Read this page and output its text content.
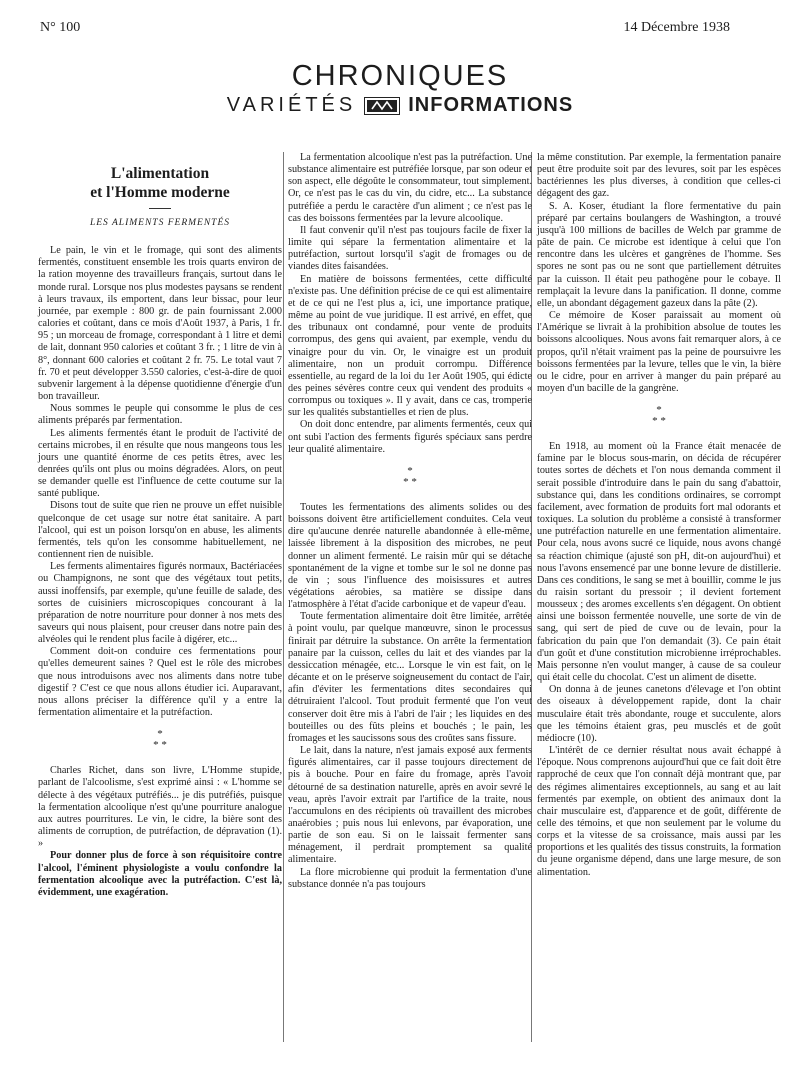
N° 100	14 Décembre 1938
CHRONIQUES
VARIÉTÉS	INFORMATIONS
L'alimentation
et l'Homme moderne
LES ALIMENTS FERMENTÉS

Le pain, le vin et le fromage, qui sont des aliments fermentés, constituent ensemble les trois quarts environ de la ration moyenne des travailleurs français, surtout dans le monde rural. Lorsque nos plus modestes paysans se rendent à leurs travaux, ils emportent, dans leur bissac, pour leur journée, par exemple : 800 gr. de pain fournissant 2.000 calories et coûtant, dans ce mois d'Août 1937, à Paris, 1 fr. 95 ; un morceau de fromage, correspondant à 1 litre et demi de lait, donnant 950 calories et coûtant 3 fr. ; 1 litre de vin à 8°, donnant 600 calories et coûtant 2 fr. 75. Le total vaut 7 fr. 70 et peut développer 3.550 calories, c'est-à-dire de quoi subvenir largement à la dépense quotidienne d'énergie d'un bon travailleur.

Nous sommes le peuple qui consomme le plus de ces aliments préparés par fermentation.

Les aliments fermentés étant le produit de l'activité de certains microbes, il en résulte que nous mangeons tous les jours une quantité énorme de ces petits êtres, avec les denrées qu'ils ont plus ou moins dégradées. Alors, on peut se demander quelle est l'influence de cette coutume sur la santé publique.

Disons tout de suite que rien ne prouve un effet nuisible quelconque de cet usage sur notre état sanitaire. A part l'alcool, qui est un poison lorsqu'on en abuse, les aliments fermentés, tels qu'on les consomme habituellement, ne contiennent rien de nuisible.

Les ferments alimentaires figurés normaux, Bactériacées ou Champignons, ne sont que des végétaux tout petits, aussi inoffensifs, par exemple, qu'une feuille de salade, des sortes de cuisiniers microscopiques concourant à la préparation de notre nourriture pour donner à nos mets des saveurs qui nous plaisent, pour creuser dans notre pain des alvéoles qui le rendent plus facile à digérer, etc...

Comment doit-on conduire ces fermentations pour qu'elles demeurent saines ? Quel est le rôle des microbes que nous introduisons avec nos aliments dans notre tube digestif ? C'est ce que nous allons étudier ici. Auparavant, nous allons préciser la différence qu'il y a entre la fermentation alimentaire et la putréfaction.

*
* *

Charles Richet, dans son livre, L'Homme stupide, parlant de l'alcoolisme, s'est exprimé ainsi : « L'homme se délecte à des végétaux putréfiés... je dis putréfiés, puisque la fermentation alcoolique n'est qu'une pourriture analogue aux autres pourritures. Le vin, le cidre, la bière sont des aliments de corruption, de putréfaction, de dépravation (1). »

Pour donner plus de force à son réquisitoire contre l'alcool, l'éminent physiologiste a voulu confondre la fermentation alcoolique avec la putréfaction. C'est là, évidemment, une exagération.

La fermentation alcoolique n'est pas la putréfaction. Une substance alimentaire est putréfiée lorsque, par son odeur et son aspect, elle dégoûte le consommateur, tout simplement. Or, ce n'est pas le cas du vin, du cidre, etc... La substance putréfiée a perdu le caractère d'un aliment ; ce n'est pas le cas des boissons fermentées par la levure alcoolique.

Il faut convenir qu'il n'est pas toujours facile de fixer la limite qui sépare la fermentation alimentaire et la putréfaction, surtout lorsqu'il s'agit de fromages ou de viandes dites faisandées.

En matière de boissons fermentées, cette difficulté n'existe pas. Une définition précise de ce qui est alimentaire et de ce qui ne l'est plus a, ici, une importance pratique, même au point de vue juridique. Il est arrivé, en effet, que des tribunaux ont condamné, pour vente de produits corrompus, des gens qui avaient, par exemple, vendu du vinaigre pour du vin. Or, le vinaigre est un produit alimentaire, non un produit corrompu. Différence essentielle, au regard de la loi du 1er Août 1905, qui édicte des peines sévères contre ceux qui vendent des produits « corrompus ou toxiques ». Il y avait, dans ce cas, tromperie sur les qualités substantielles et rien de plus.

On doit donc entendre, par aliments fermentés, ceux qui ont subi l'action des ferments figurés spéciaux sans perdre leur qualité alimentaire.

*
* *

Toutes les fermentations des aliments solides ou des boissons doivent être artificiellement conduites. Cela veut dire qu'aucune denrée naturelle abandonnée à elle-même, laissée librement à la disposition des microbes, ne peut donner un aliment fermenté. Le raisin mûr qui se détache spontanément de la vigne et tombe sur le sol ne donne pas de vin ; sous l'influence des moisissures et autres végétations aérobies, sa matière se dissipe dans l'atmosphère à l'état d'acide carbonique et de vapeur d'eau.

Toute fermentation alimentaire doit être limitée, arrêtée à point voulu, par quelque manœuvre, sinon le processus finirait par détruire la substance. On arrête la fermentation panaire par la cuisson, celles du lait et des viandes par la dessiccation ménagée, etc... Lorsque le vin est fait, on le décante et on le préserve soigneusement du contact de l'air, afin d'éviter les fermentations dites secondaires qui détruiraient l'alcool. Tout produit fermenté que l'on veut conserver doit être mis à l'abri de l'air ; les liquides en des bouteilles ou des fûts pleins et bouchés ; le pain, les fromages et les saucissons sous des croûtes sans fissure.

Le lait, dans la nature, n'est jamais exposé aux ferments figurés alimentaires, car il passe toujours directement de pis à bouche. Pour en faire du fromage, après l'avoir détourné de sa destination naturelle, après en avoir sevré le veau, après l'avoir extrait par l'artifice de la traite, nous l'accumulons en des récipients où travaillent des microbes anaérobies ; puis nous lui enlevons, par évaporation, une partie de son eau. Si on le laissait fermenter sans ménagement, il perdrait promptement sa qualité alimentaire.

La flore microbienne qui produit la fermentation d'une substance donnée n'a pas toujours

la même constitution. Par exemple, la fermentation panaire peut être produite soit par des levures, soit par les espèces bactériennes les plus diverses, à condition que celles-ci dégagent des gaz.

S. A. Koser, étudiant la flore fermentative du pain préparé par certains boulangers de Washington, a trouvé jusqu'à 100 millions de bacilles de Welch par gramme de pâte de pain. Ce microbe est identique à celui que l'on rencontre dans les ulcères et gangrènes de l'homme. Ses spores ne sont pas ou ne sont que partiellement détruites par la cuisson. Il était peu pathogène pour le cobaye. Il remplaçait la levure dans la panification. Il donne, comme elle, un abondant dégagement gazeux dans la pâte (2).

Ce mémoire de Koser paraissait au moment où l'Amérique se livrait à la prohibition absolue de toutes les boissons alcooliques. Nous avons fait remarquer alors, à ce propos, qu'il n'était vraiment pas la peine de poursuivre les boissons fermentées par la levure, telles que le vin, la bière ou le cidre, pour en arriver à manger du pain préparé au moyen d'un bacille de la gangrène.

*
* *

En 1918, au moment où la France était menacée de famine par le blocus sous-marin, on décida de récupérer toutes sortes de déchets et l'on nous demanda comment il serait possible d'introduire dans le pain du sang d'abattoir, substance qui, dans les conditions ordinaires, se corrompt facilement, avec formation de produits fort mal odorants et toxiques. La solution du problème a consisté à transformer une putréfaction naturelle en une fermentation alimentaire. Pour cela, nous avons sucré ce liquide, nous avons changé sa réaction chimique (ajusté son pH, dit-on aujourd'hui) et nous l'avons ensemencé par une bonne levure de distillerie. Dans ces conditions, le sang se met à bouillir, comme le jus du raisin sortant du pressoir ; il devient fortement mousseux ; des aromes excellents s'en dégagent. On obtient ainsi une boisson fermentée nouvelle, une sorte de vin de sang, qui sert de pied de cuve ou de levain, pour la fabrication du pain que l'on demandait (3). Ce pain était d'un goût et d'une constitution microbienne irréprochables. Mais personne n'en voulut manger, à cause de sa couleur qui était celle du chocolat. C'est un aliment de disette.

On donna à de jeunes canetons d'élevage et l'on obtint des oiseaux à développement rapide, dont la chair musculaire était très abondante, rouge et succulente, alors que les témoins étaient gras, peu musclés et de goût médiocre (10).

L'intérêt de ce dernier résultat nous avait échappé à l'époque. Nous comprenons aujourd'hui que ce fait doit être rapproché de ceux que l'on connaît déjà montrant que, par des régimes alimentaires exceptionnels, au sang et au lait fermentés par exemple, on obtient des animaux dont la chair musculaire est, d'apparence et de goût, différente de celle des témoins, et que non seulement par le volume du corps et la vitesse de sa croissance, mais aussi par les proportions et les qualités des tissus construits, la formation du jeune organisme dépend, dans une large mesure, de son alimentation.
